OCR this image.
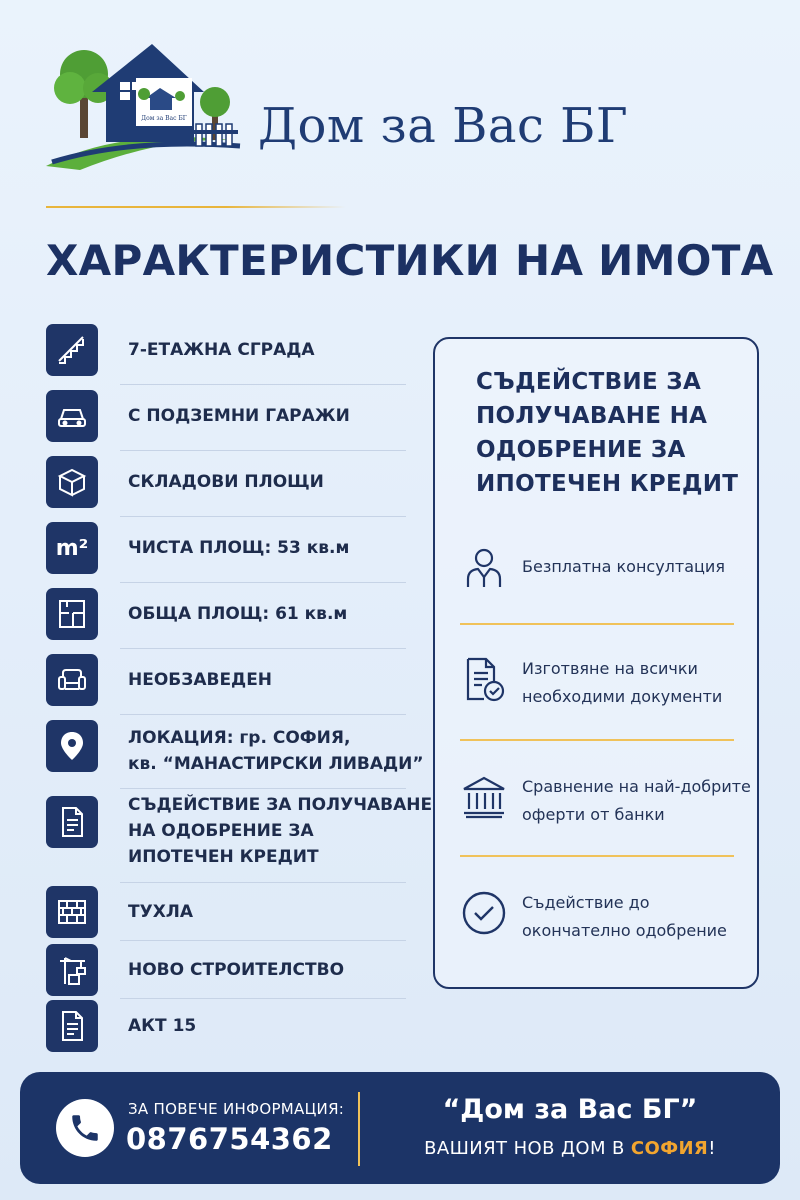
Дом за Вас БГ Дом за Вас БГ
ХАРАКТЕРИСТИКИ НА ИМОТА
7-ЕТАЖНА СГРАДА
С ПОДЗЕМНИ ГАРАЖИ
СКЛАДОВИ ПЛОЩИ
m² ЧИСТА ПЛОЩ: 53 кв.м
ОБЩА ПЛОЩ: 61 кв.м
НЕОБЗАВЕДЕН
ЛОКАЦИЯ: гр. СОФИЯ,
кв. “МАНАСТИРСКИ ЛИВАДИ”
СЪДЕЙСТВИЕ ЗА ПОЛУЧАВАНЕ
НА ОДОБРЕНИЕ ЗА
ИПОТЕЧЕН КРЕДИТ
ТУХЛА
НОВО СТРОИТЕЛСТВО
АКТ 15
СЪДЕЙСТВИЕ ЗА
ПОЛУЧАВАНЕ НА
ОДОБРЕНИЕ ЗА
ИПОТЕЧЕН КРЕДИТ
Безплатна консултация
Изготвяне на всички
необходими документи
Сравнение на най-добрите
оферти от банки
Съдействие до
окончателно одобрение
ЗА ПОВЕЧЕ ИНФОРМАЦИЯ:
0876754362
“Дом за Вас БГ”
ВАШИЯТ НОВ ДОМ В СОФИЯ!
